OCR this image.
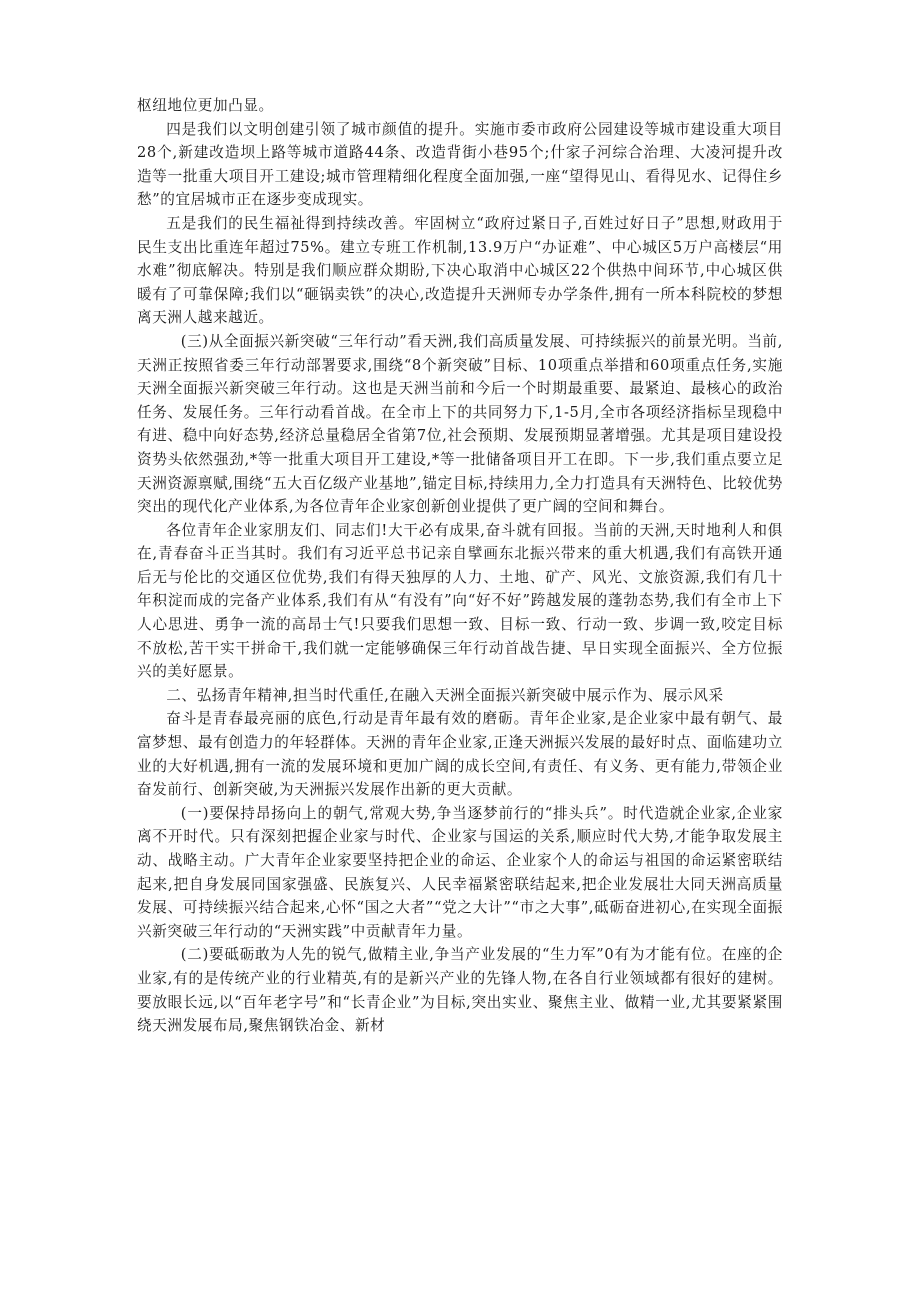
枢纽地位更加凸显。

四是我们以文明创建引领了城市颜值的提升。实施市委市政府公园建设等城市建设重大项目28个,新建改造坝上路等城市道路44条、改造背街小巷95个;什家子河综合治理、大凌河提升改造等一批重大项目开工建设;城市管理精细化程度全面加强,一座“望得见山、看得见水、记得住乡愁”的宜居城市正在逐步变成现实。

五是我们的民生福祉得到持续改善。牢固树立“政府过紧日子,百姓过好日子”思想,财政用于民生支出比重连年超过75%。建立专班工作机制,13.9万户“办证难”、中心城区5万户高楼层“用水难”彻底解决。特别是我们顺应群众期盼,下决心取消中心城区22个供热中间环节,中心城区供暖有了可靠保障;我们以“砸锅卖铁”的决心,改造提升天洲师专办学条件,拥有一所本科院校的梦想离天洲人越来越近。

(三)从全面振兴新突破“三年行动”看天洲,我们高质量发展、可持续振兴的前景光明。当前,天洲正按照省委三年行动部署要求,围绕“8个新突破”目标、10项重点举措和60项重点任务,实施天洲全面振兴新突破三年行动。这也是天洲当前和今后一个时期最重要、最紧迫、最核心的政治任务、发展任务。三年行动看首战。在全市上下的共同努力下,1-5月,全市各项经济指标呈现稳中有进、稳中向好态势,经济总量稳居全省第7位,社会预期、发展预期显著增强。尤其是项目建设投资势头依然强劲,*等一批重大项目开工建设,*等一批储备项目开工在即。下一步,我们重点要立足天洲资源禀赋,围绕“五大百亿级产业基地”,锚定目标,持续用力,全力打造具有天洲特色、比较优势突出的现代化产业体系,为各位青年企业家创新创业提供了更广阔的空间和舞台。

各位青年企业家朋友们、同志们!大干必有成果,奋斗就有回报。当前的天洲,天时地利人和俱在,青春奋斗正当其时。我们有习近平总书记亲自擘画东北振兴带来的重大机遇,我们有高铁开通后无与伦比的交通区位优势,我们有得天独厚的人力、土地、矿产、风光、文旅资源,我们有几十年积淀而成的完备产业体系,我们有从“有没有”向“好不好”跨越发展的蓬勃态势,我们有全市上下人心思进、勇争一流的高昂士气!只要我们思想一致、目标一致、行动一致、步调一致,咬定目标不放松,苦干实干拼命干,我们就一定能够确保三年行动首战告捷、早日实现全面振兴、全方位振兴的美好愿景。

二、弘扬青年精神,担当时代重任,在融入天洲全面振兴新突破中展示作为、展示风采

奋斗是青春最亮丽的底色,行动是青年最有效的磨砺。青年企业家,是企业家中最有朝气、最富梦想、最有创造力的年轻群体。天洲的青年企业家,正逢天洲振兴发展的最好时点、面临建功立业的大好机遇,拥有一流的发展环境和更加广阔的成长空间,有责任、有义务、更有能力,带领企业奋发前行、创新突破,为天洲振兴发展作出新的更大贡献。

(一)要保持昂扬向上的朝气,常观大势,争当逐梦前行的“排头兵”。时代造就企业家,企业家离不开时代。只有深刻把握企业家与时代、企业家与国运的关系,顺应时代大势,才能争取发展主动、战略主动。广大青年企业家要坚持把企业的命运、企业家个人的命运与祖国的命运紧密联结起来,把自身发展同国家强盛、民族复兴、人民幸福紧密联结起来,把企业发展壮大同天洲高质量发展、可持续振兴结合起来,心怀“国之大者”“党之大计”“市之大事”,砥砺奋进初心,在实现全面振兴新突破三年行动的“天洲实践”中贡献青年力量。

(二)要砥砺敢为人先的锐气,做精主业,争当产业发展的“生力军”0有为才能有位。在座的企业家,有的是传统产业的行业精英,有的是新兴产业的先锋人物,在各自行业领域都有很好的建树。要放眼长远,以“百年老字号”和“长青企业”为目标,突出实业、聚焦主业、做精一业,尤其要紧紧围绕天洲发展布局,聚焦钢铁冶金、新材
